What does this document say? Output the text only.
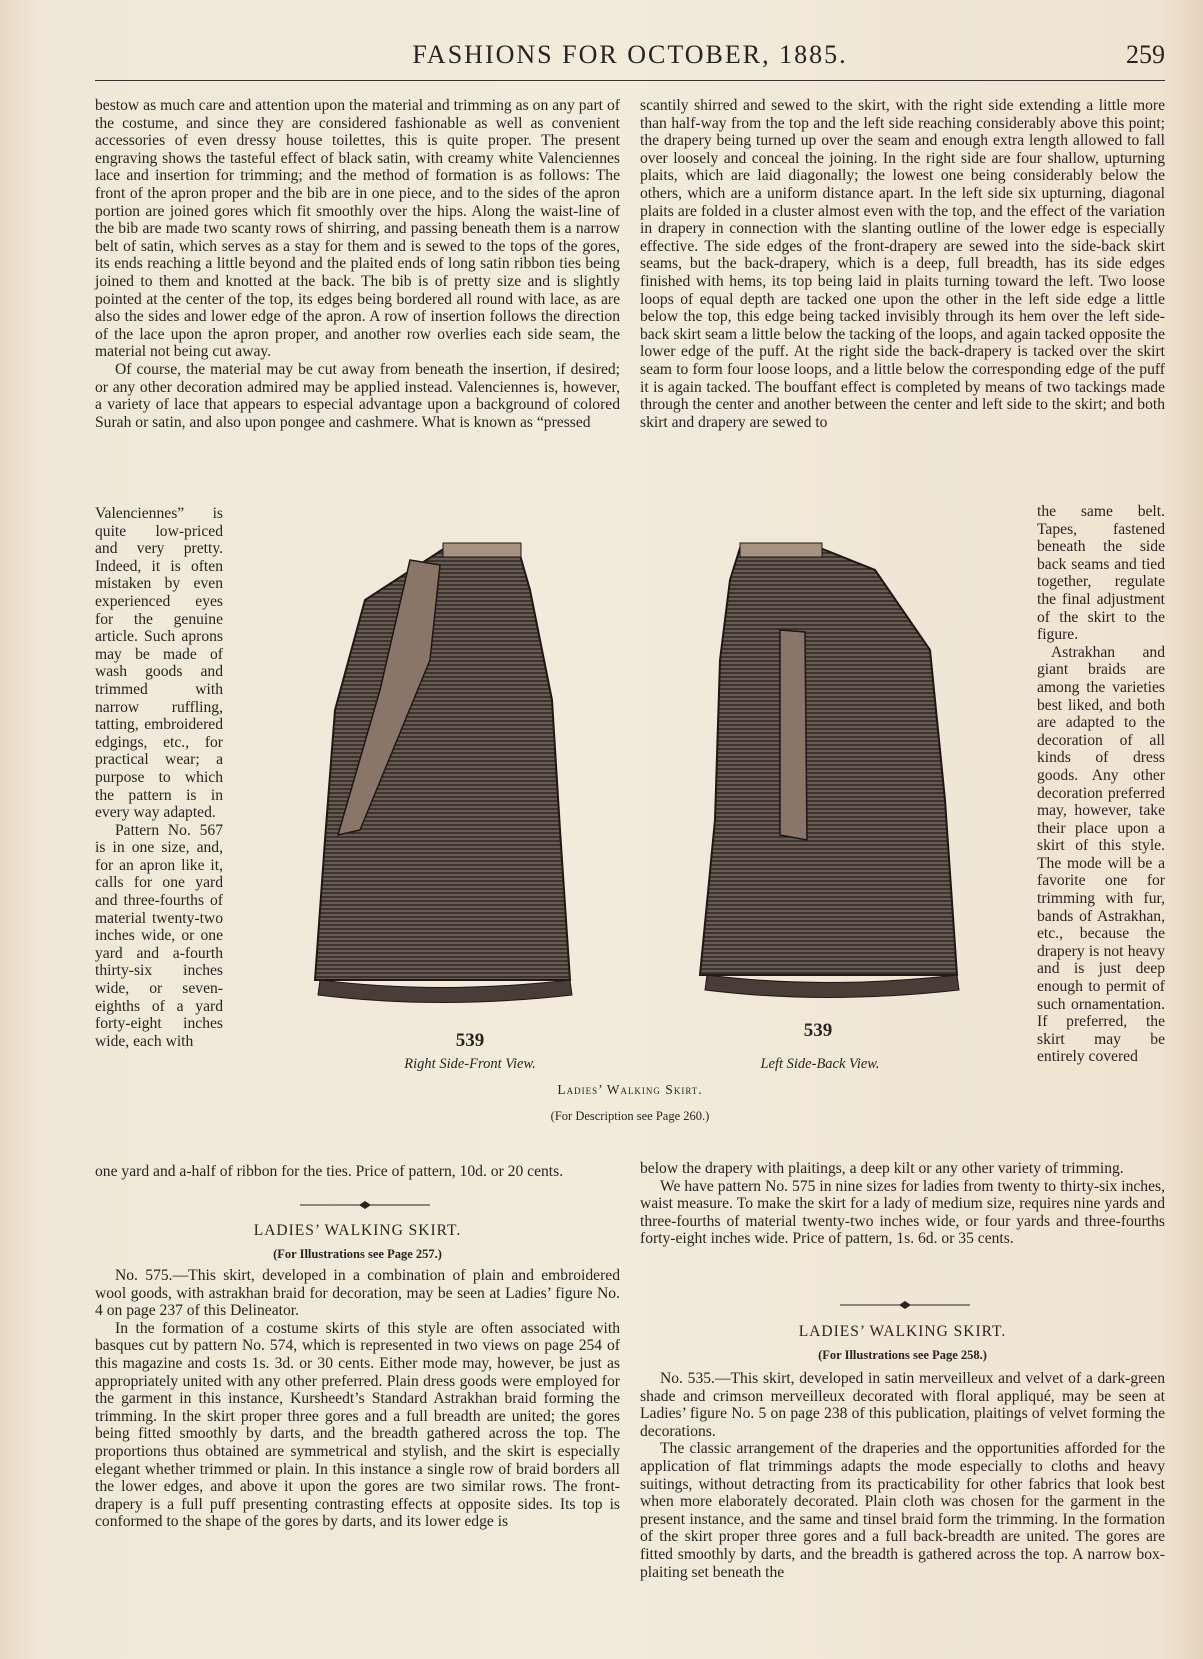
FASHIONS FOR OCTOBER, 1885.	259

bestow as much care and attention upon the material and trimming as on any part of the costume, and since they are considered fashionable as well as convenient accessories of even dressy house toilettes, this is quite proper. The present engraving shows the tasteful effect of black satin, with creamy white Valenciennes lace and insertion for trimming; and the method of formation is as follows: The front of the apron proper and the bib are in one piece, and to the sides of the apron portion are joined gores which fit smoothly over the hips. Along the waist-line of the bib are made two scanty rows of shirring, and passing beneath them is a narrow belt of satin, which serves as a stay for them and is sewed to the tops of the gores, its ends reaching a little beyond and the plaited ends of long satin ribbon ties being joined to them and knotted at the back. The bib is of pretty size and is slightly pointed at the center of the top, its edges being bordered all round with lace, as are also the sides and lower edge of the apron. A row of insertion follows the direction of the lace upon the apron proper, and another row overlies each side seam, the material not being cut away.

Of course, the material may be cut away from beneath the insertion, if desired; or any other decoration admired may be applied instead. Valenciennes is, however, a variety of lace that appears to especial advantage upon a background of colored Surah or satin, and also upon pongee and cashmere. What is known as “pressed

Valenciennes” is quite low-priced and very pretty. Indeed, it is often mistaken by even experienced eyes for the genuine article. Such aprons may be made of wash goods and trimmed with narrow ruffling, tatting, embroidered edgings, etc., for practical wear; a purpose to which the pattern is in every way adapted.

Pattern No. 567 is in one size, and, for an apron like it, calls for one yard and three-fourths of material twenty-two inches wide, or one yard and a-fourth thirty-six inches wide, or seven-eighths of a yard forty-eight inches wide, each with

scantily shirred and sewed to the skirt, with the right side extending a little more than half-way from the top and the left side reaching considerably above this point; the drapery being turned up over the seam and enough extra length allowed to fall over loosely and conceal the joining. In the right side are four shallow, upturning plaits, which are laid diagonally; the lowest one being considerably below the others, which are a uniform distance apart. In the left side six upturning, diagonal plaits are folded in a cluster almost even with the top, and the effect of the variation in drapery in connection with the slanting outline of the lower edge is especially effective. The side edges of the front-drapery are sewed into the side-back skirt seams, but the back-drapery, which is a deep, full breadth, has its side edges finished with hems, its top being laid in plaits turning toward the left. Two loose loops of equal depth are tacked one upon the other in the left side edge a little below the top, this edge being tacked invisibly through its hem over the left side-back skirt seam a little below the tacking of the loops, and again tacked opposite the lower edge of the puff. At the right side the back-drapery is tacked over the skirt seam to form four loose loops, and a little below the corresponding edge of the puff it is again tacked. The bouffant effect is completed by means of two tackings made through the center and another between the center and left side to the skirt; and both skirt and drapery are sewed to

the same belt. Tapes, fastened beneath the side back seams and tied together, regulate the final adjustment of the skirt to the figure.

Astrakhan and giant braids are among the varieties best liked, and both are adapted to the decoration of all kinds of dress goods. Any other decoration preferred may, however, take their place upon a skirt of this style. The mode will be a favorite one for trimming with fur, bands of Astrakhan, etc., because the drapery is not heavy and is just deep enough to permit of such ornamentation. If preferred, the skirt may be entirely covered

539
Right Side-Front View.
539
Left Side-Back View.
Ladies’ Walking Skirt.
(For Description see Page 260.)

one yard and a-half of ribbon for the ties. Price of pattern, 10d. or 20 cents.

LADIES’ WALKING SKIRT.
(For Illustrations see Page 257.)

No. 575.—This skirt, developed in a combination of plain and embroidered wool goods, with astrakhan braid for decoration, may be seen at Ladies’ figure No. 4 on page 237 of this Delineator.

In the formation of a costume skirts of this style are often associated with basques cut by pattern No. 574, which is represented in two views on page 254 of this magazine and costs 1s. 3d. or 30 cents. Either mode may, however, be just as appropriately united with any other preferred. Plain dress goods were employed for the garment in this instance, Kursheedt’s Standard Astrakhan braid forming the trimming. In the skirt proper three gores and a full breadth are united; the gores being fitted smoothly by darts, and the breadth gathered across the top. The proportions thus obtained are symmetrical and stylish, and the skirt is especially elegant whether trimmed or plain. In this instance a single row of braid borders all the lower edges, and above it upon the gores are two similar rows. The front-drapery is a full puff presenting contrasting effects at opposite sides. Its top is conformed to the shape of the gores by darts, and its lower edge is

below the drapery with plaitings, a deep kilt or any other variety of trimming.

We have pattern No. 575 in nine sizes for ladies from twenty to thirty-six inches, waist measure. To make the skirt for a lady of medium size, requires nine yards and three-fourths of material twenty-two inches wide, or four yards and three-fourths forty-eight inches wide. Price of pattern, 1s. 6d. or 35 cents.

LADIES’ WALKING SKIRT.
(For Illustrations see Page 258.)

No. 535.—This skirt, developed in satin merveilleux and velvet of a dark-green shade and crimson merveilleux decorated with floral appliqué, may be seen at Ladies’ figure No. 5 on page 238 of this publication, plaitings of velvet forming the decorations.

The classic arrangement of the draperies and the opportunities afforded for the application of flat trimmings adapts the mode especially to cloths and heavy suitings, without detracting from its practicability for other fabrics that look best when more elaborately decorated. Plain cloth was chosen for the garment in the present instance, and the same and tinsel braid form the trimming. In the formation of the skirt proper three gores and a full back-breadth are united. The gores are fitted smoothly by darts, and the breadth is gathered across the top. A narrow box-plaiting set beneath the
